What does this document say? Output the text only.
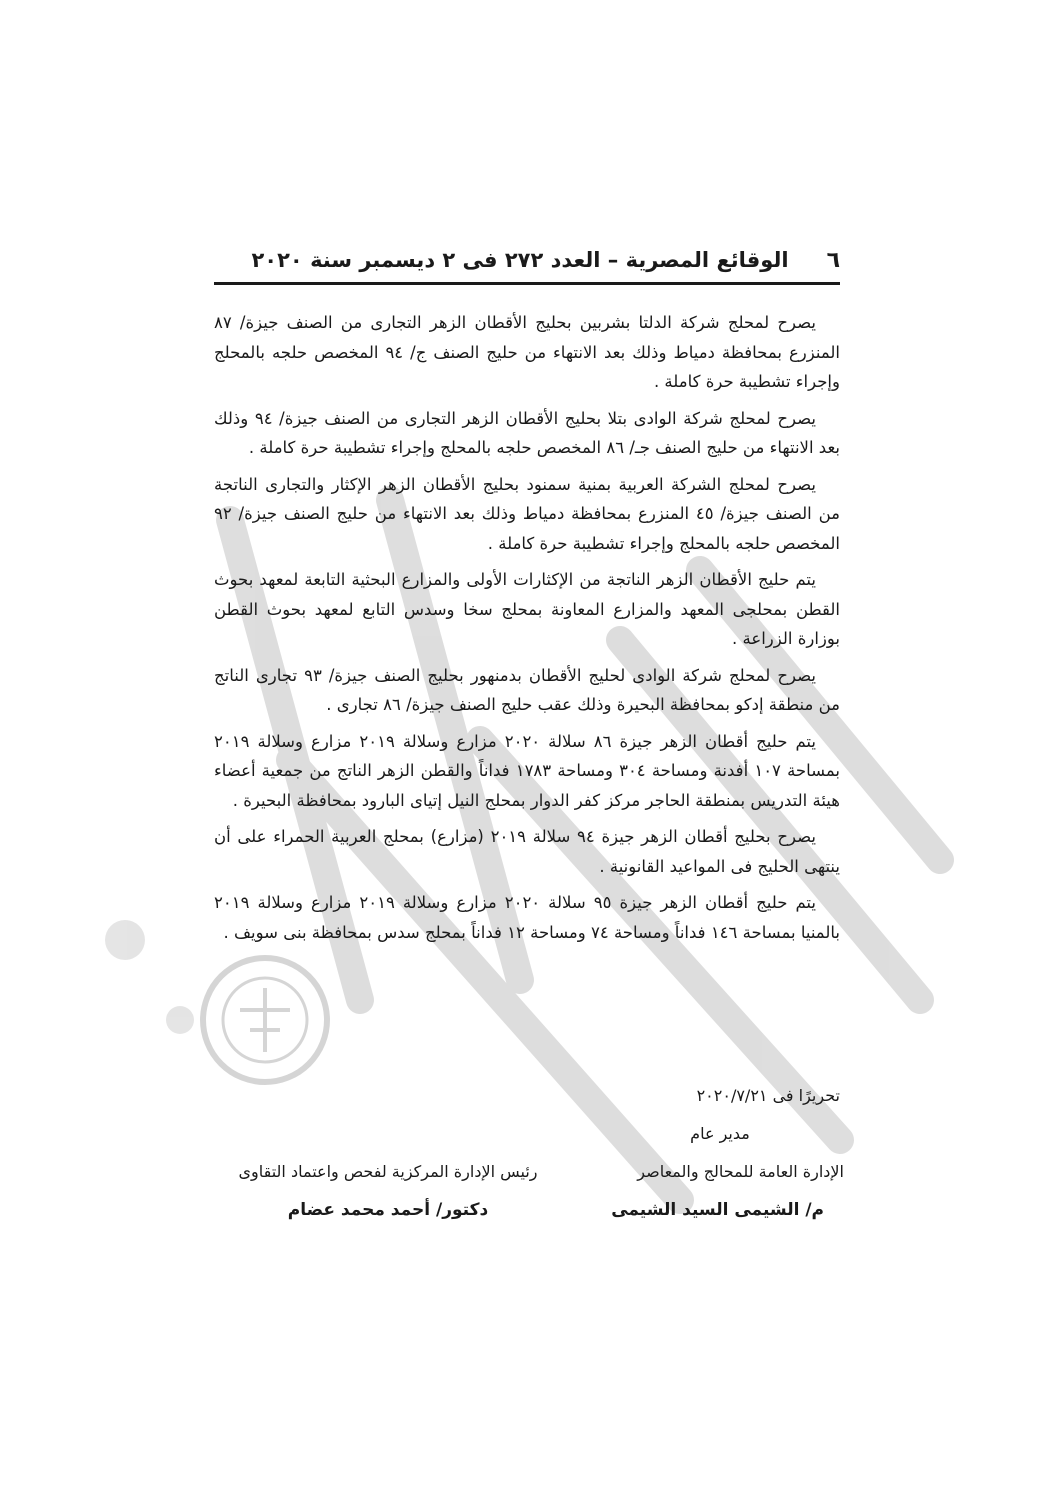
٦
الوقائع المصرية – العدد ٢٧٢ فى ٢ ديسمبر سنة ٢٠٢٠

يصرح لمحلج شركة الدلتا بشربين بحليج الأقطان الزهر التجارى من الصنف جيزة/ ٨٧ المنزرع بمحافظة دمياط وذلك بعد الانتهاء من حليج الصنف ج/ ٩٤ المخصص حلجه بالمحلج وإجراء تشطيبة حرة كاملة .

يصرح لمحلج شركة الوادى بتلا بحليج الأقطان الزهر التجارى من الصنف جيزة/ ٩٤ وذلك بعد الانتهاء من حليج الصنف جـ/ ٨٦ المخصص حلجه بالمحلج وإجراء تشطيبة حرة كاملة .

يصرح لمحلج الشركة العربية بمنية سمنود بحليج الأقطان الزهر الإكثار والتجارى الناتجة من الصنف جيزة/ ٤٥ المنزرع بمحافظة دمياط وذلك بعد الانتهاء من حليج الصنف جيزة/ ٩٢ المخصص حلجه بالمحلج وإجراء تشطيبة حرة كاملة .

يتم حليج الأقطان الزهر الناتجة من الإكثارات الأولى والمزارع البحثية التابعة لمعهد بحوث القطن بمحلجى المعهد والمزارع المعاونة بمحلج سخا وسدس التابع لمعهد بحوث القطن بوزارة الزراعة .

يصرح لمحلج شركة الوادى لحليج الأقطان بدمنهور بحليج الصنف جيزة/ ٩٣ تجارى الناتج من منطقة إدكو بمحافظة البحيرة وذلك عقب حليج الصنف جيزة/ ٨٦ تجارى .

يتم حليج أقطان الزهر جيزة ٨٦ سلالة ٢٠٢٠ مزارع وسلالة ٢٠١٩ مزارع وسلالة ٢٠١٩ بمساحة ١٠٧ أفدنة ومساحة ٣٠٤ ومساحة ١٧٨٣ فداناً والقطن الزهر الناتج من جمعية أعضاء هيئة التدريس بمنطقة الحاجر مركز كفر الدوار بمحلج النيل إتياى البارود بمحافظة البحيرة .

يصرح بحليج أقطان الزهر جيزة ٩٤ سلالة ٢٠١٩ (مزارع) بمحلج العربية الحمراء على أن ينتهى الحليج فى المواعيد القانونية .

يتم حليج أقطان الزهر جيزة ٩٥ سلالة ٢٠٢٠ مزارع وسلالة ٢٠١٩ مزارع وسلالة ٢٠١٩ بالمنيا بمساحة ١٤٦ فداناً ومساحة ٧٤ ومساحة ١٢ فداناً بمحلج سدس بمحافظة بنى سويف .

تحريرًا فى ٢٠٢٠/٧/٢١
مدير عام
الإدارة العامة للمحالج والمعاصر
رئيس الإدارة المركزية لفحص واعتماد التقاوى
م/ الشيمى السيد الشيمى
دكتور/ أحمد محمد عضام
